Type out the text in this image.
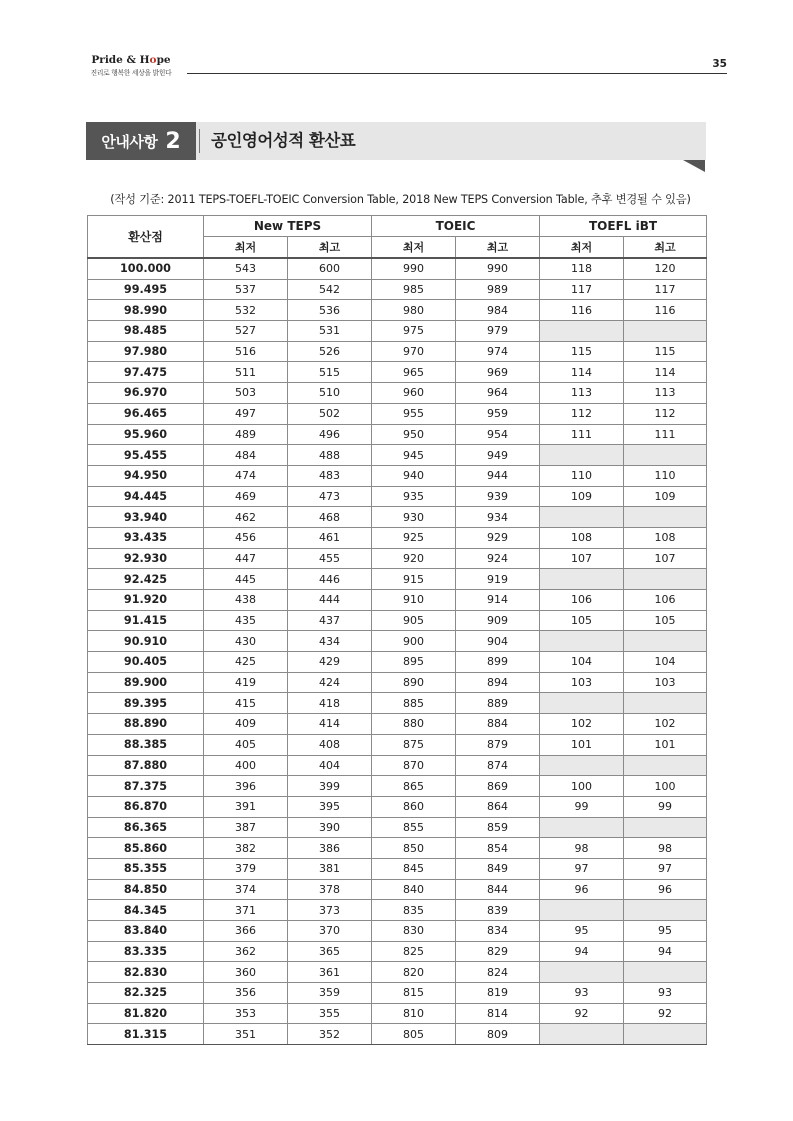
Pride & Hope
진리로 행복한 세상을 밝힌다
35
안내사항 2 공인영어성적 환산표
(작성 기준: 2011 TEPS-TOEFL-TOEIC Conversion Table, 2018 New TEPS Conversion Table, 추후 변경될 수 있음)
환산점	New TEPS		TOEIC		TOEFL iBT	
	최저	최고	최저	최고	최저	최고
100.000	543	600	990	990	118	120
99.495	537	542	985	989	117	117
98.990	532	536	980	984	116	116
98.485	527	531	975	979		
97.980	516	526	970	974	115	115
97.475	511	515	965	969	114	114
96.970	503	510	960	964	113	113
96.465	497	502	955	959	112	112
95.960	489	496	950	954	111	111
95.455	484	488	945	949		
94.950	474	483	940	944	110	110
94.445	469	473	935	939	109	109
93.940	462	468	930	934		
93.435	456	461	925	929	108	108
92.930	447	455	920	924	107	107
92.425	445	446	915	919		
91.920	438	444	910	914	106	106
91.415	435	437	905	909	105	105
90.910	430	434	900	904		
90.405	425	429	895	899	104	104
89.900	419	424	890	894	103	103
89.395	415	418	885	889		
88.890	409	414	880	884	102	102
88.385	405	408	875	879	101	101
87.880	400	404	870	874		
87.375	396	399	865	869	100	100
86.870	391	395	860	864	99	99
86.365	387	390	855	859		
85.860	382	386	850	854	98	98
85.355	379	381	845	849	97	97
84.850	374	378	840	844	96	96
84.345	371	373	835	839		
83.840	366	370	830	834	95	95
83.335	362	365	825	829	94	94
82.830	360	361	820	824		
82.325	356	359	815	819	93	93
81.820	353	355	810	814	92	92
81.315	351	352	805	809		
